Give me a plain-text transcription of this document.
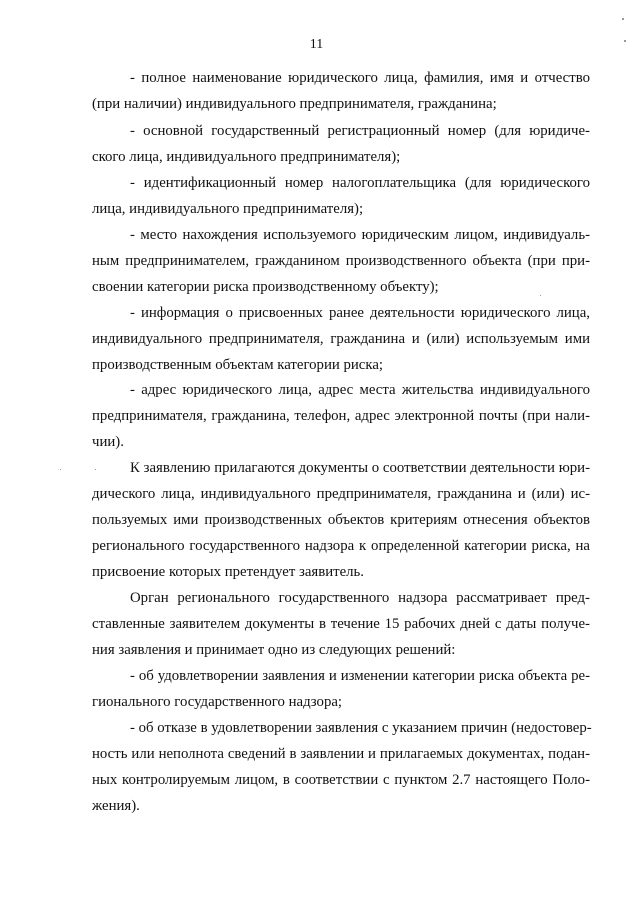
11
- полное наименование юридического лица, фамилия, имя и отчество
(при наличии) индивидуального предпринимателя, гражданина;
- основной государственный регистрационный номер (для юридиче-
ского лица, индивидуального предпринимателя);
- идентификационный номер налогоплательщика (для юридического
лица, индивидуального предпринимателя);
- место нахождения используемого юридическим лицом, индивидуаль-
ным предпринимателем, гражданином производственного объекта (при при-
своении категории риска производственному объекту);
- информация о присвоенных ранее деятельности юридического лица,
индивидуального предпринимателя, гражданина и (или) используемым ими
производственным объектам категории риска;
- адрес юридического лица, адрес места жительства индивидуального
предпринимателя, гражданина, телефон, адрес электронной почты (при нали-
чии).
К заявлению прилагаются документы о соответствии деятельности юри-
дического лица, индивидуального предпринимателя, гражданина и (или) ис-
пользуемых ими производственных объектов критериям отнесения объектов
регионального государственного надзора к определенной категории риска, на
присвоение которых претендует заявитель.
Орган регионального государственного надзора рассматривает пред-
ставленные заявителем документы в течение 15 рабочих дней с даты получе-
ния заявления и принимает одно из следующих решений:
- об удовлетворении заявления и изменении категории риска объекта ре-
гионального государственного надзора;
- об отказе в удовлетворении заявления с указанием причин (недостовер-
ность или неполнота сведений в заявлении и прилагаемых документах, подан-
ных контролируемым лицом, в соответствии с пунктом 2.7 настоящего Поло-
жения).
